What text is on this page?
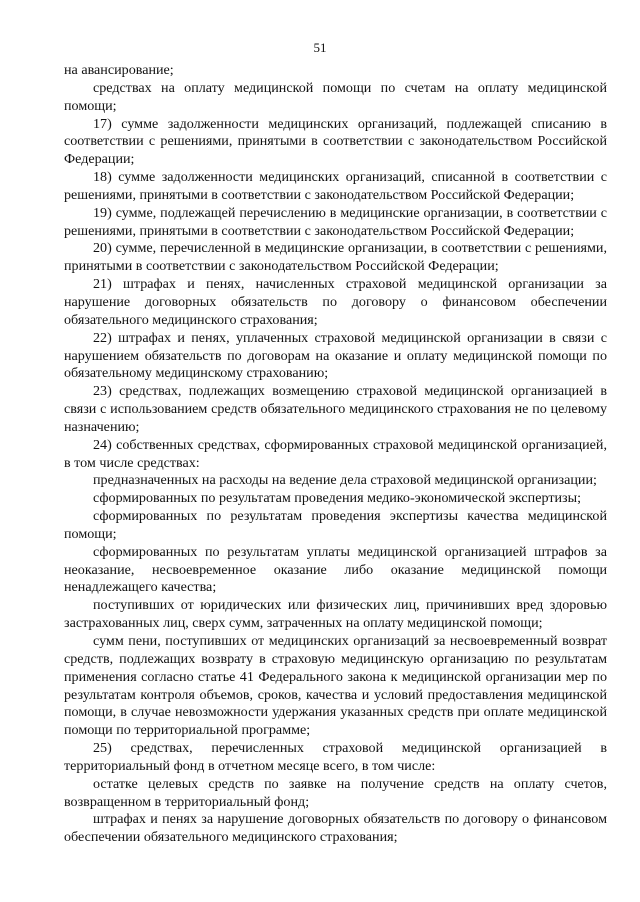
51

на авансирование;

средствах на оплату медицинской помощи по счетам на оплату медицинской помощи;

17) сумме задолженности медицинских организаций, подлежащей списанию в соответствии с решениями, принятыми в соответствии с законодательством Российской Федерации;

18) сумме задолженности медицинских организаций, списанной в соответствии с решениями, принятыми в соответствии с законодательством Российской Федерации;

19) сумме, подлежащей перечислению в медицинские организации, в соответствии с решениями, принятыми в соответствии с законодательством Российской Федерации;

20) сумме, перечисленной в медицинские организации, в соответствии с решениями, принятыми в соответствии с законодательством Российской Федерации;

21) штрафах и пенях, начисленных страховой медицинской организации за нарушение договорных обязательств по договору о финансовом обеспечении обязательного медицинского страхования;

22) штрафах и пенях, уплаченных страховой медицинской организации в связи с нарушением обязательств по договорам на оказание и оплату медицинской помощи по обязательному медицинскому страхованию;

23) средствах, подлежащих возмещению страховой медицинской организацией в связи с использованием средств обязательного медицинского страхования не по целевому назначению;

24) собственных средствах, сформированных страховой медицинской организацией, в том числе средствах:

предназначенных на расходы на ведение дела страховой медицинской организации;

сформированных по результатам проведения медико-экономической экспертизы;

сформированных по результатам проведения экспертизы качества медицинской помощи;

сформированных по результатам уплаты медицинской организацией штрафов за неоказание, несвоевременное оказание либо оказание медицинской помощи ненадлежащего качества;

поступивших от юридических или физических лиц, причинивших вред здоровью застрахованных лиц, сверх сумм, затраченных на оплату медицинской помощи;

сумм пени, поступивших от медицинских организаций за несвоевременный возврат средств, подлежащих возврату в страховую медицинскую организацию по результатам применения согласно статье 41 Федерального закона к медицинской организации мер по результатам контроля объемов, сроков, качества и условий предоставления медицинской помощи, в случае невозможности удержания указанных средств при оплате медицинской помощи по территориальной программе;

25) средствах, перечисленных страховой медицинской организацией в территориальный фонд в отчетном месяце всего, в том числе:

остатке целевых средств по заявке на получение средств на оплату счетов, возвращенном в территориальный фонд;

штрафах и пенях за нарушение договорных обязательств по договору о финансовом обеспечении обязательного медицинского страхования;
